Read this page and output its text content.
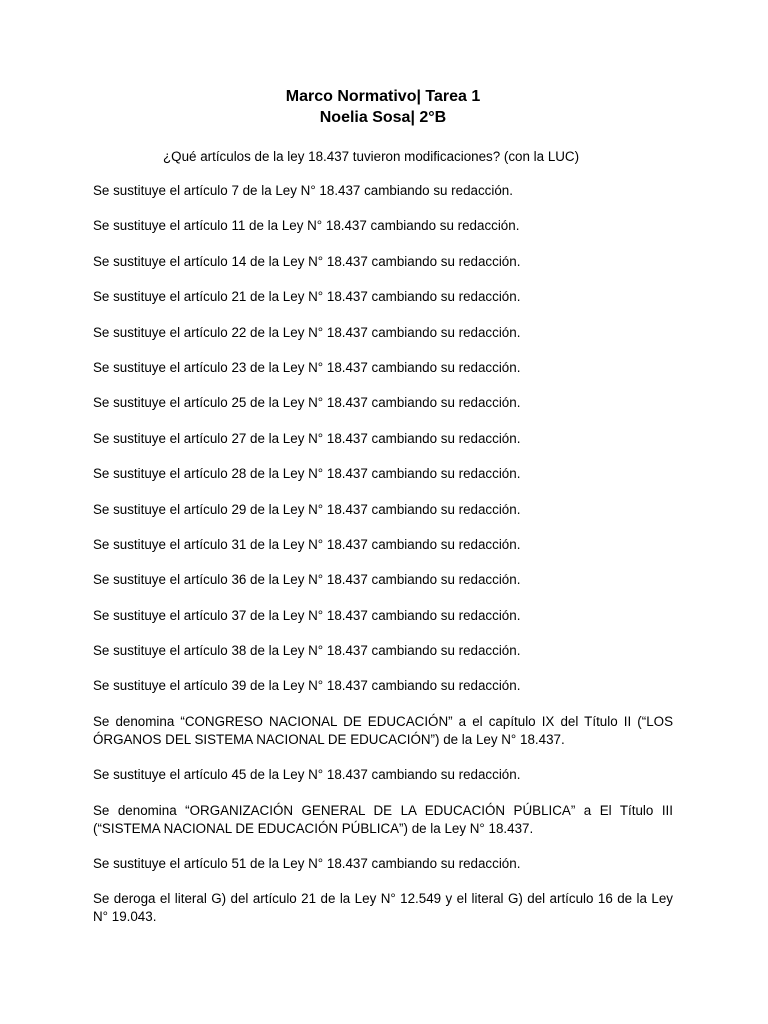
Marco Normativo| Tarea 1
Noelia Sosa| 2°B

¿Qué artículos de la ley 18.437 tuvieron modificaciones? (con la LUC)

Se sustituye el artículo 7 de la Ley N° 18.437 cambiando su redacción.

Se sustituye el artículo 11 de la Ley N° 18.437 cambiando su redacción.

Se sustituye el artículo 14 de la Ley N° 18.437 cambiando su redacción.

Se sustituye el artículo 21 de la Ley N° 18.437 cambiando su redacción.

Se sustituye el artículo 22 de la Ley N° 18.437 cambiando su redacción.

Se sustituye el artículo 23 de la Ley N° 18.437 cambiando su redacción.

Se sustituye el artículo 25 de la Ley N° 18.437 cambiando su redacción.

Se sustituye el artículo 27 de la Ley N° 18.437 cambiando su redacción.

Se sustituye el artículo 28 de la Ley N° 18.437 cambiando su redacción.

Se sustituye el artículo 29 de la Ley N° 18.437 cambiando su redacción.

Se sustituye el artículo 31 de la Ley N° 18.437 cambiando su redacción.

Se sustituye el artículo 36 de la Ley N° 18.437 cambiando su redacción.

Se sustituye el artículo 37 de la Ley N° 18.437 cambiando su redacción.

Se sustituye el artículo 38 de la Ley N° 18.437 cambiando su redacción.

Se sustituye el artículo 39 de la Ley N° 18.437 cambiando su redacción.

Se denomina “CONGRESO NACIONAL DE EDUCACIÓN” a el capítulo IX del Título II (“LOS ÓRGANOS DEL SISTEMA NACIONAL DE EDUCACIÓN”) de la Ley N° 18.437.

Se sustituye el artículo 45 de la Ley N° 18.437 cambiando su redacción.

Se denomina “ORGANIZACIÓN GENERAL DE LA EDUCACIÓN PÚBLICA” a El Título III (“SISTEMA NACIONAL DE EDUCACIÓN PÚBLICA”) de la Ley N° 18.437.

Se sustituye el artículo 51 de la Ley N° 18.437 cambiando su redacción.

Se deroga el literal G) del artículo 21 de la Ley N° 12.549 y el literal G) del artículo 16 de la Ley N° 19.043.
